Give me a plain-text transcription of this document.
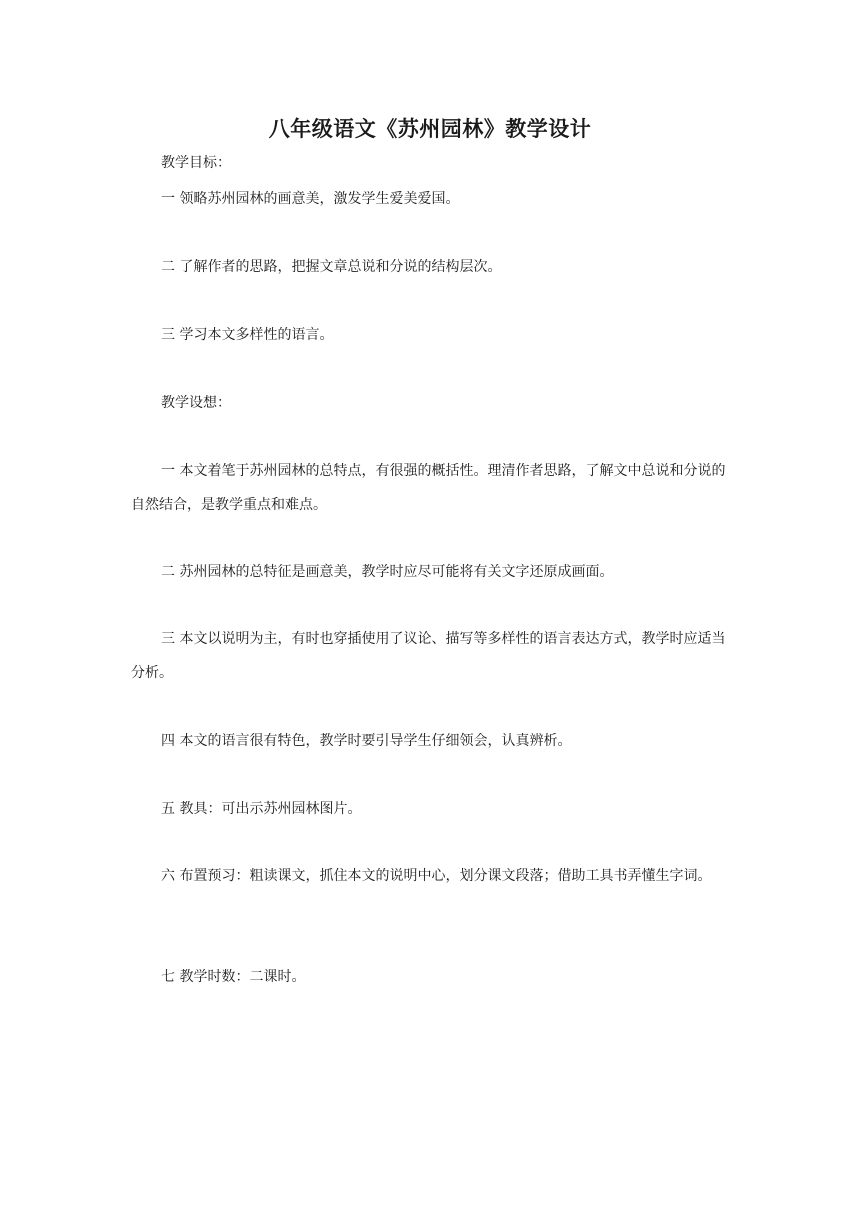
八年级语文《苏州园林》教学设计
教学目标：
一 领略苏州园林的画意美，激发学生爱美爱国。
二 了解作者的思路，把握文章总说和分说的结构层次。
三 学习本文多样性的语言。
教学设想：
一 本文着笔于苏州园林的总特点，有很强的概括性。理清作者思路，了解文中总说和分说的自然结合，是教学重点和难点。
二 苏州园林的总特征是画意美，教学时应尽可能将有关文字还原成画面。
三 本文以说明为主，有时也穿插使用了议论、描写等多样性的语言表达方式，教学时应适当分析。
四 本文的语言很有特色，教学时要引导学生仔细领会，认真辨析。
五 教具：可出示苏州园林图片。
六 布置预习：粗读课文，抓住本文的说明中心，划分课文段落；借助工具书弄懂生字词。
七 教学时数：二课时。
